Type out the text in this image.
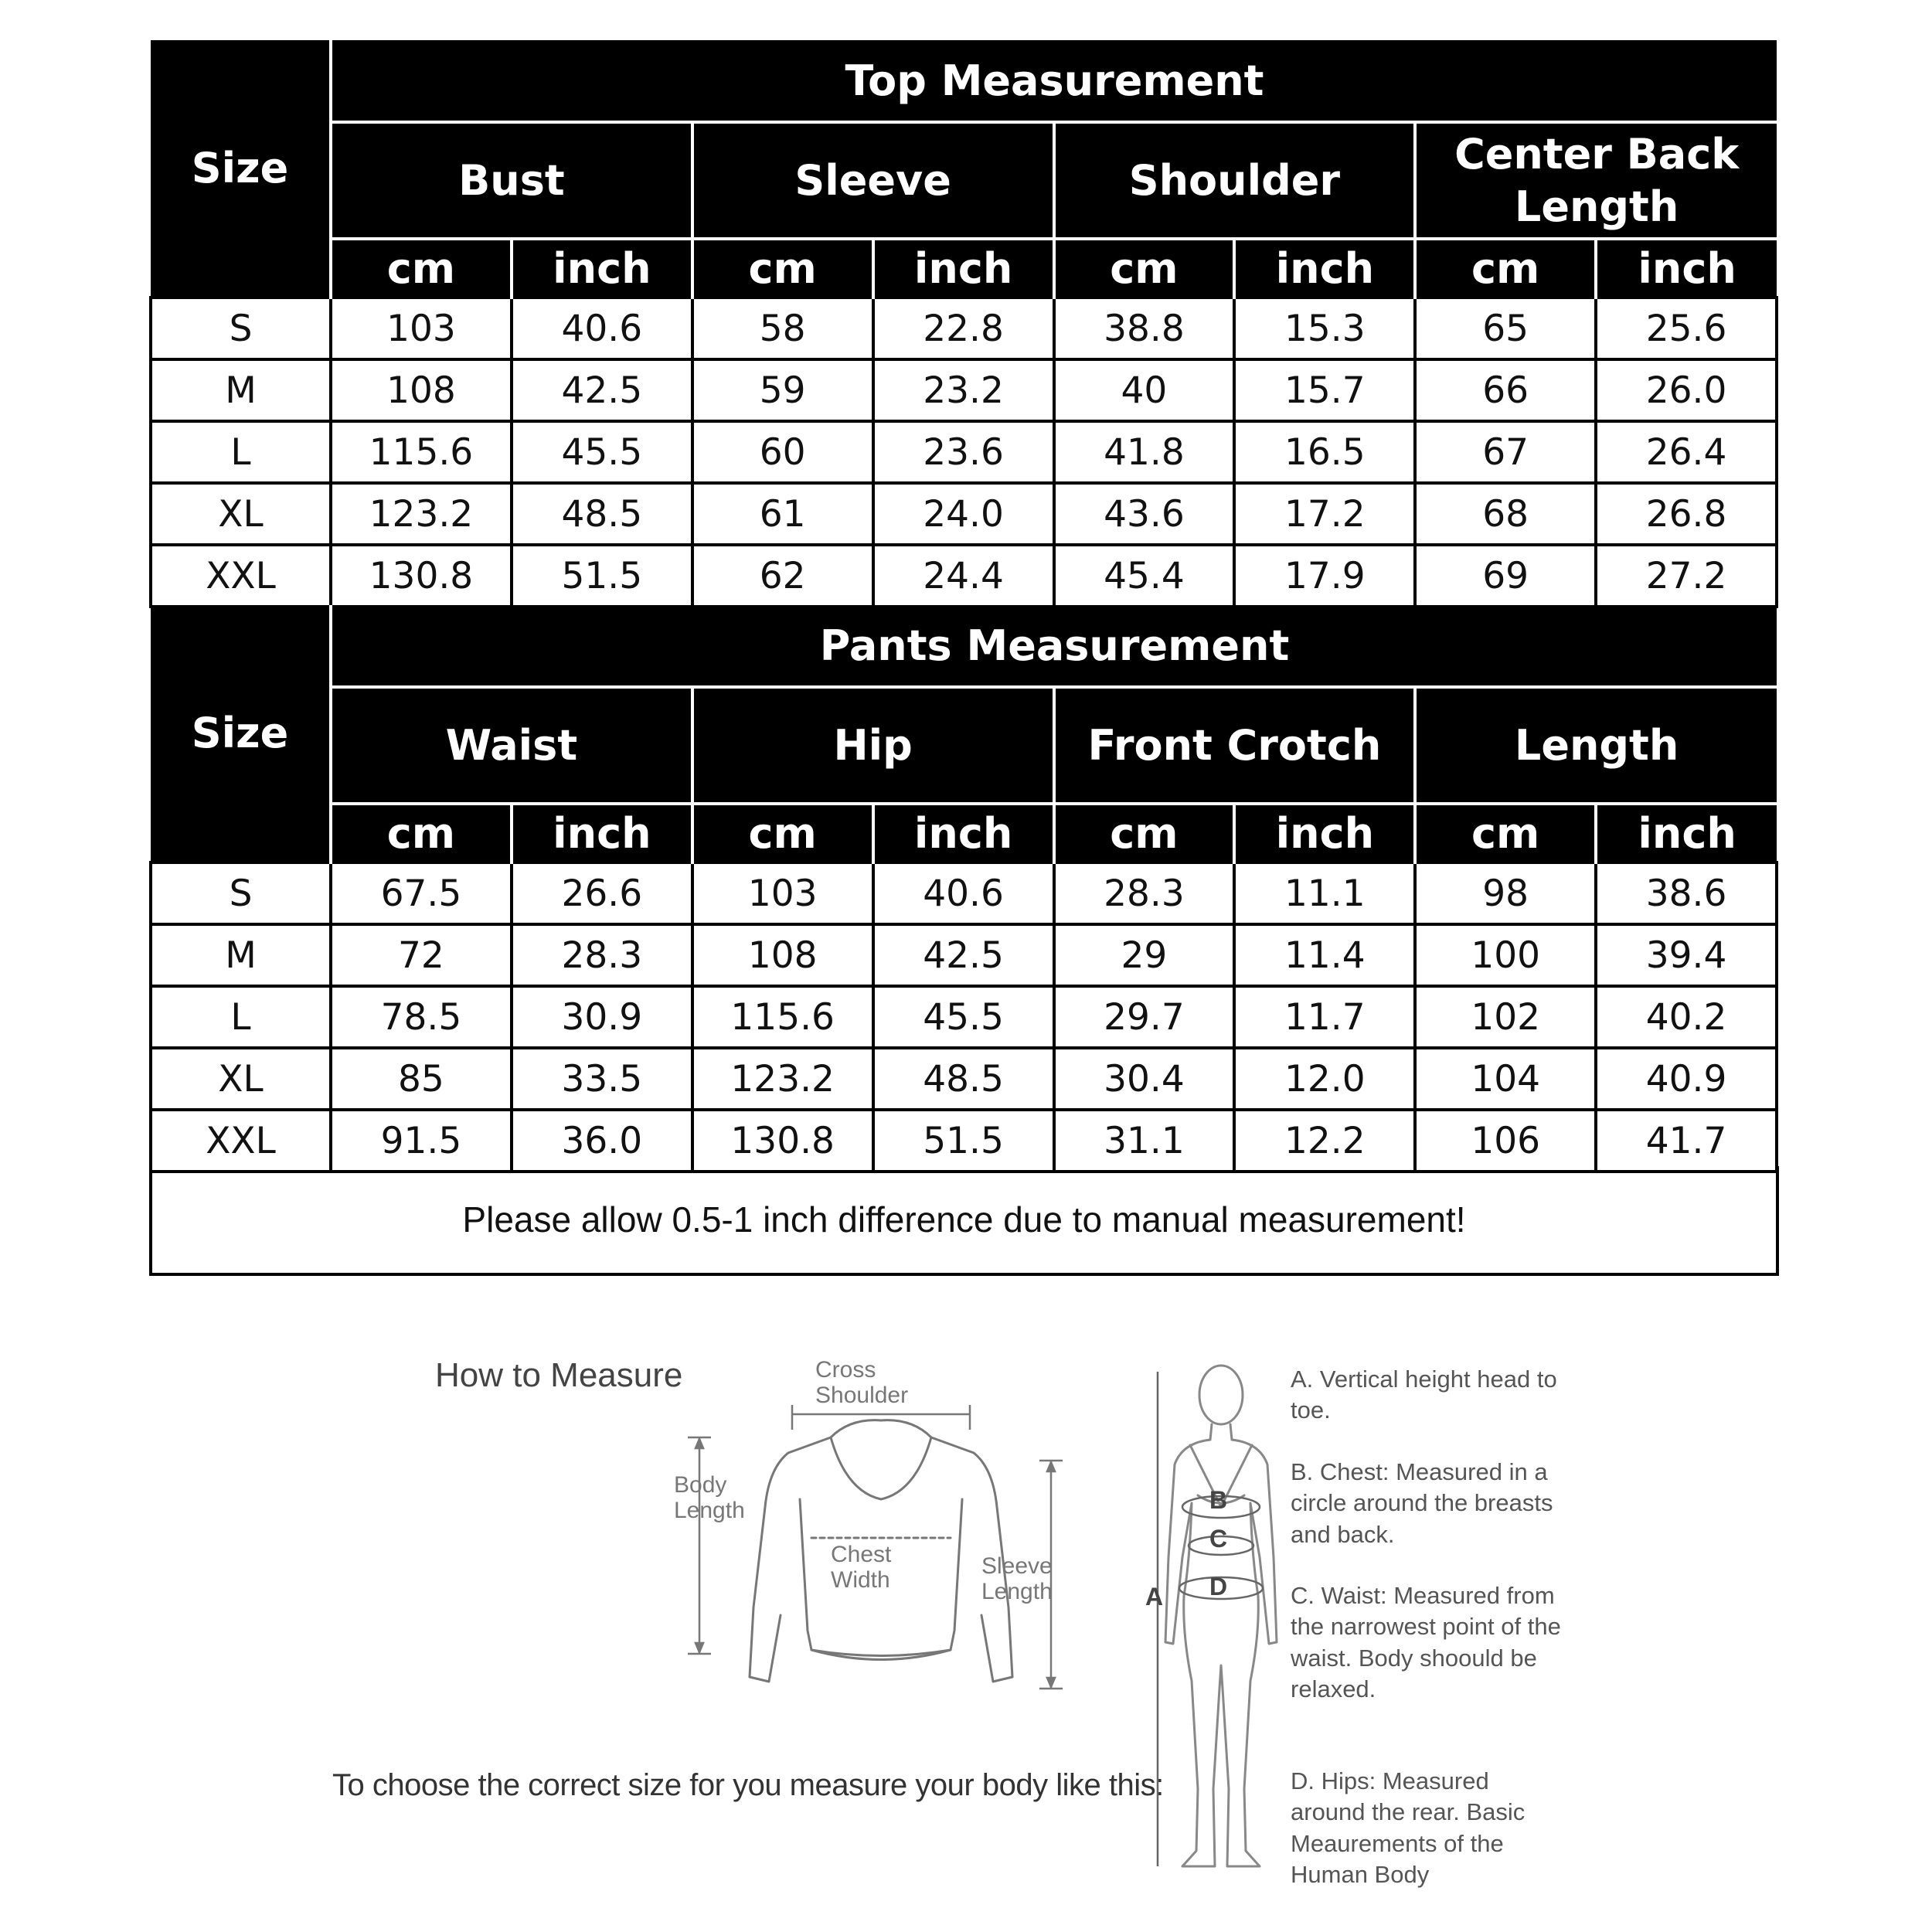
Size	Top Measurement							
	Bust		Sleeve		Shoulder		Center Back Length	
	cm	inch	cm	inch	cm	inch	cm	inch
S	103	40.6	58	22.8	38.8	15.3	65	25.6
M	108	42.5	59	23.2	40	15.7	66	26.0
L	115.6	45.5	60	23.6	41.8	16.5	67	26.4
XL	123.2	48.5	61	24.0	43.6	17.2	68	26.8
XXL	130.8	51.5	62	24.4	45.4	17.9	69	27.2
Size	Pants Measurement							
	Waist		Hip		Front Crotch		Length	
	cm	inch	cm	inch	cm	inch	cm	inch
S	67.5	26.6	103	40.6	28.3	11.1	98	38.6
M	72	28.3	108	42.5	29	11.4	100	39.4
L	78.5	30.9	115.6	45.5	29.7	11.7	102	40.2
XL	85	33.5	123.2	48.5	30.4	12.0	104	40.9
XXL	91.5	36.0	130.8	51.5	31.1	12.2	106	41.7
Please allow 0.5-1 inch difference due to manual measurement!
How to Measure	Cross
Shoulder
Body
Length
Chest
Width
Sleeve
Length
To choose the correct size for you measure your body like this:
B
C
D
A
A. Vertical height head to toe.
B. Chest: Measured in a circle around the breasts and back.
C. Waist: Measured from the narrowest point of the waist. Body shoould be relaxed.
D. Hips: Measured around the rear. Basic Meaurements of the Human Body
